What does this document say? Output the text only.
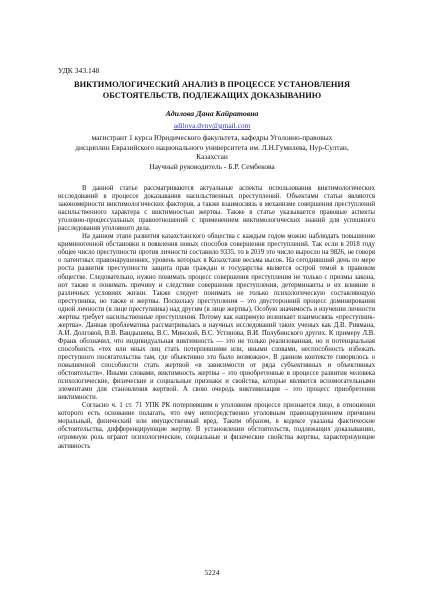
УДК 343.148
ВИКТИМОЛОГИЧЕСКИЙ АНАЛИЗ В ПРОЦЕССЕ УСТАНОВЛЕНИЯ
ОБСТОЯТЕЛЬСТВ, ПОДЛЕЖАЩИХ ДОКАЗЫВАНИЮ
Адилова Дана Кайратовна
adilova.dvnv@gmail.com
магистрант 1 курса Юридического факультета, кафедры Уголовно-правовых
дисциплин Евразийского национального университета им. Л.Н.Гумилева, Нур-Султан,
Казахстан
Научный руководитель - Б.Р. Сембекова

В данной статье рассматриваются актуальные аспекты использования виктимологических исследований в процессе доказывания насильственных преступлений. Объектами статьи являются закономерности виктимологических факторов, а также взаимосвязь в механизме совершения преступлений насильственного характера с виктимностью жертвы. Также в статье указывается правовые аспекты уголовно-процессуальных правоотношений с применением виктимологических знаний для успешного расследования уголовного дела.

На данном этапе развития казахстанского общества с каждым годом можно наблюдать повышение криминогенной обстановки и появления новых способов совершения преступлений. Так если в 2018 году общее число преступности против личности составило 9335, то в 2019 это число выросло на 9826, не говоря о латентных правонарушениях, уровень которых в Казахстане весьма высок. На сегодняшний день по мере роста развития преступности защита прав граждан и государства является острой темой в правовом обществе. Следовательно, нужно понимать процесс совершения преступления не только с призмы закона, нот также и понимать причину и следствие совершения преступления, детерминанты и их влияние в различных условиях жизни. Также следует понимать не только психологическую составляющую преступника, но также и жертвы. Поскольку преступления – это двусторонний процесс доминирования одной личности (в лице преступника) над другим (в лице жертвы). Особую значимость в изучении личности жертвы требует насильственные преступления. Потому как напрямую возникает взаимосвязь «преступник-жертва». Данная проблематика рассматривалась в научных исследований таких ученых как Д.В. Ривмана, А.И. Долговой, В.В. Вандышева, В.С. Минской, В.С. Устинова, В.И. Полубинского других. К примеру Л.В. Франк обозначил, что индивидуальная виктимность — это не только реализованная, но и потенциальная способность «тех или иных лиц стать потерпевшими или, иными словами, неспособность избежать преступного посягательства там, где объективно это было возможно». В данном контексте говорилось о повышенной способности стать жертвой «в зависимости от ряда субъективных и объективных обстоятельств». Иными словами, виктимность жертвы – это приобретенные в процессе развития человека психологические, физические и социальные признаки и свойства, которые являются вспомогательными элементами для становления жертвой. А свою очередь виктимизация – это процесс приобретения виктимности.

Согласно ч. 1 ст. 71 УПК РК потерпевшим в уголовном процессе признается лицо, в отношении которого есть основание полагать, что ему непосредственно уголовным правонарушением причинен моральный, физический или имущественный вред. Таким образом, в кодексе указаны фактические обстоятельства, дифференцирующие жертву. В установлении обстоятельств, подлежащих доказыванию, огромную роль играют психологические, социальные и физические свойства жертвы, характеризующие активность

5224
